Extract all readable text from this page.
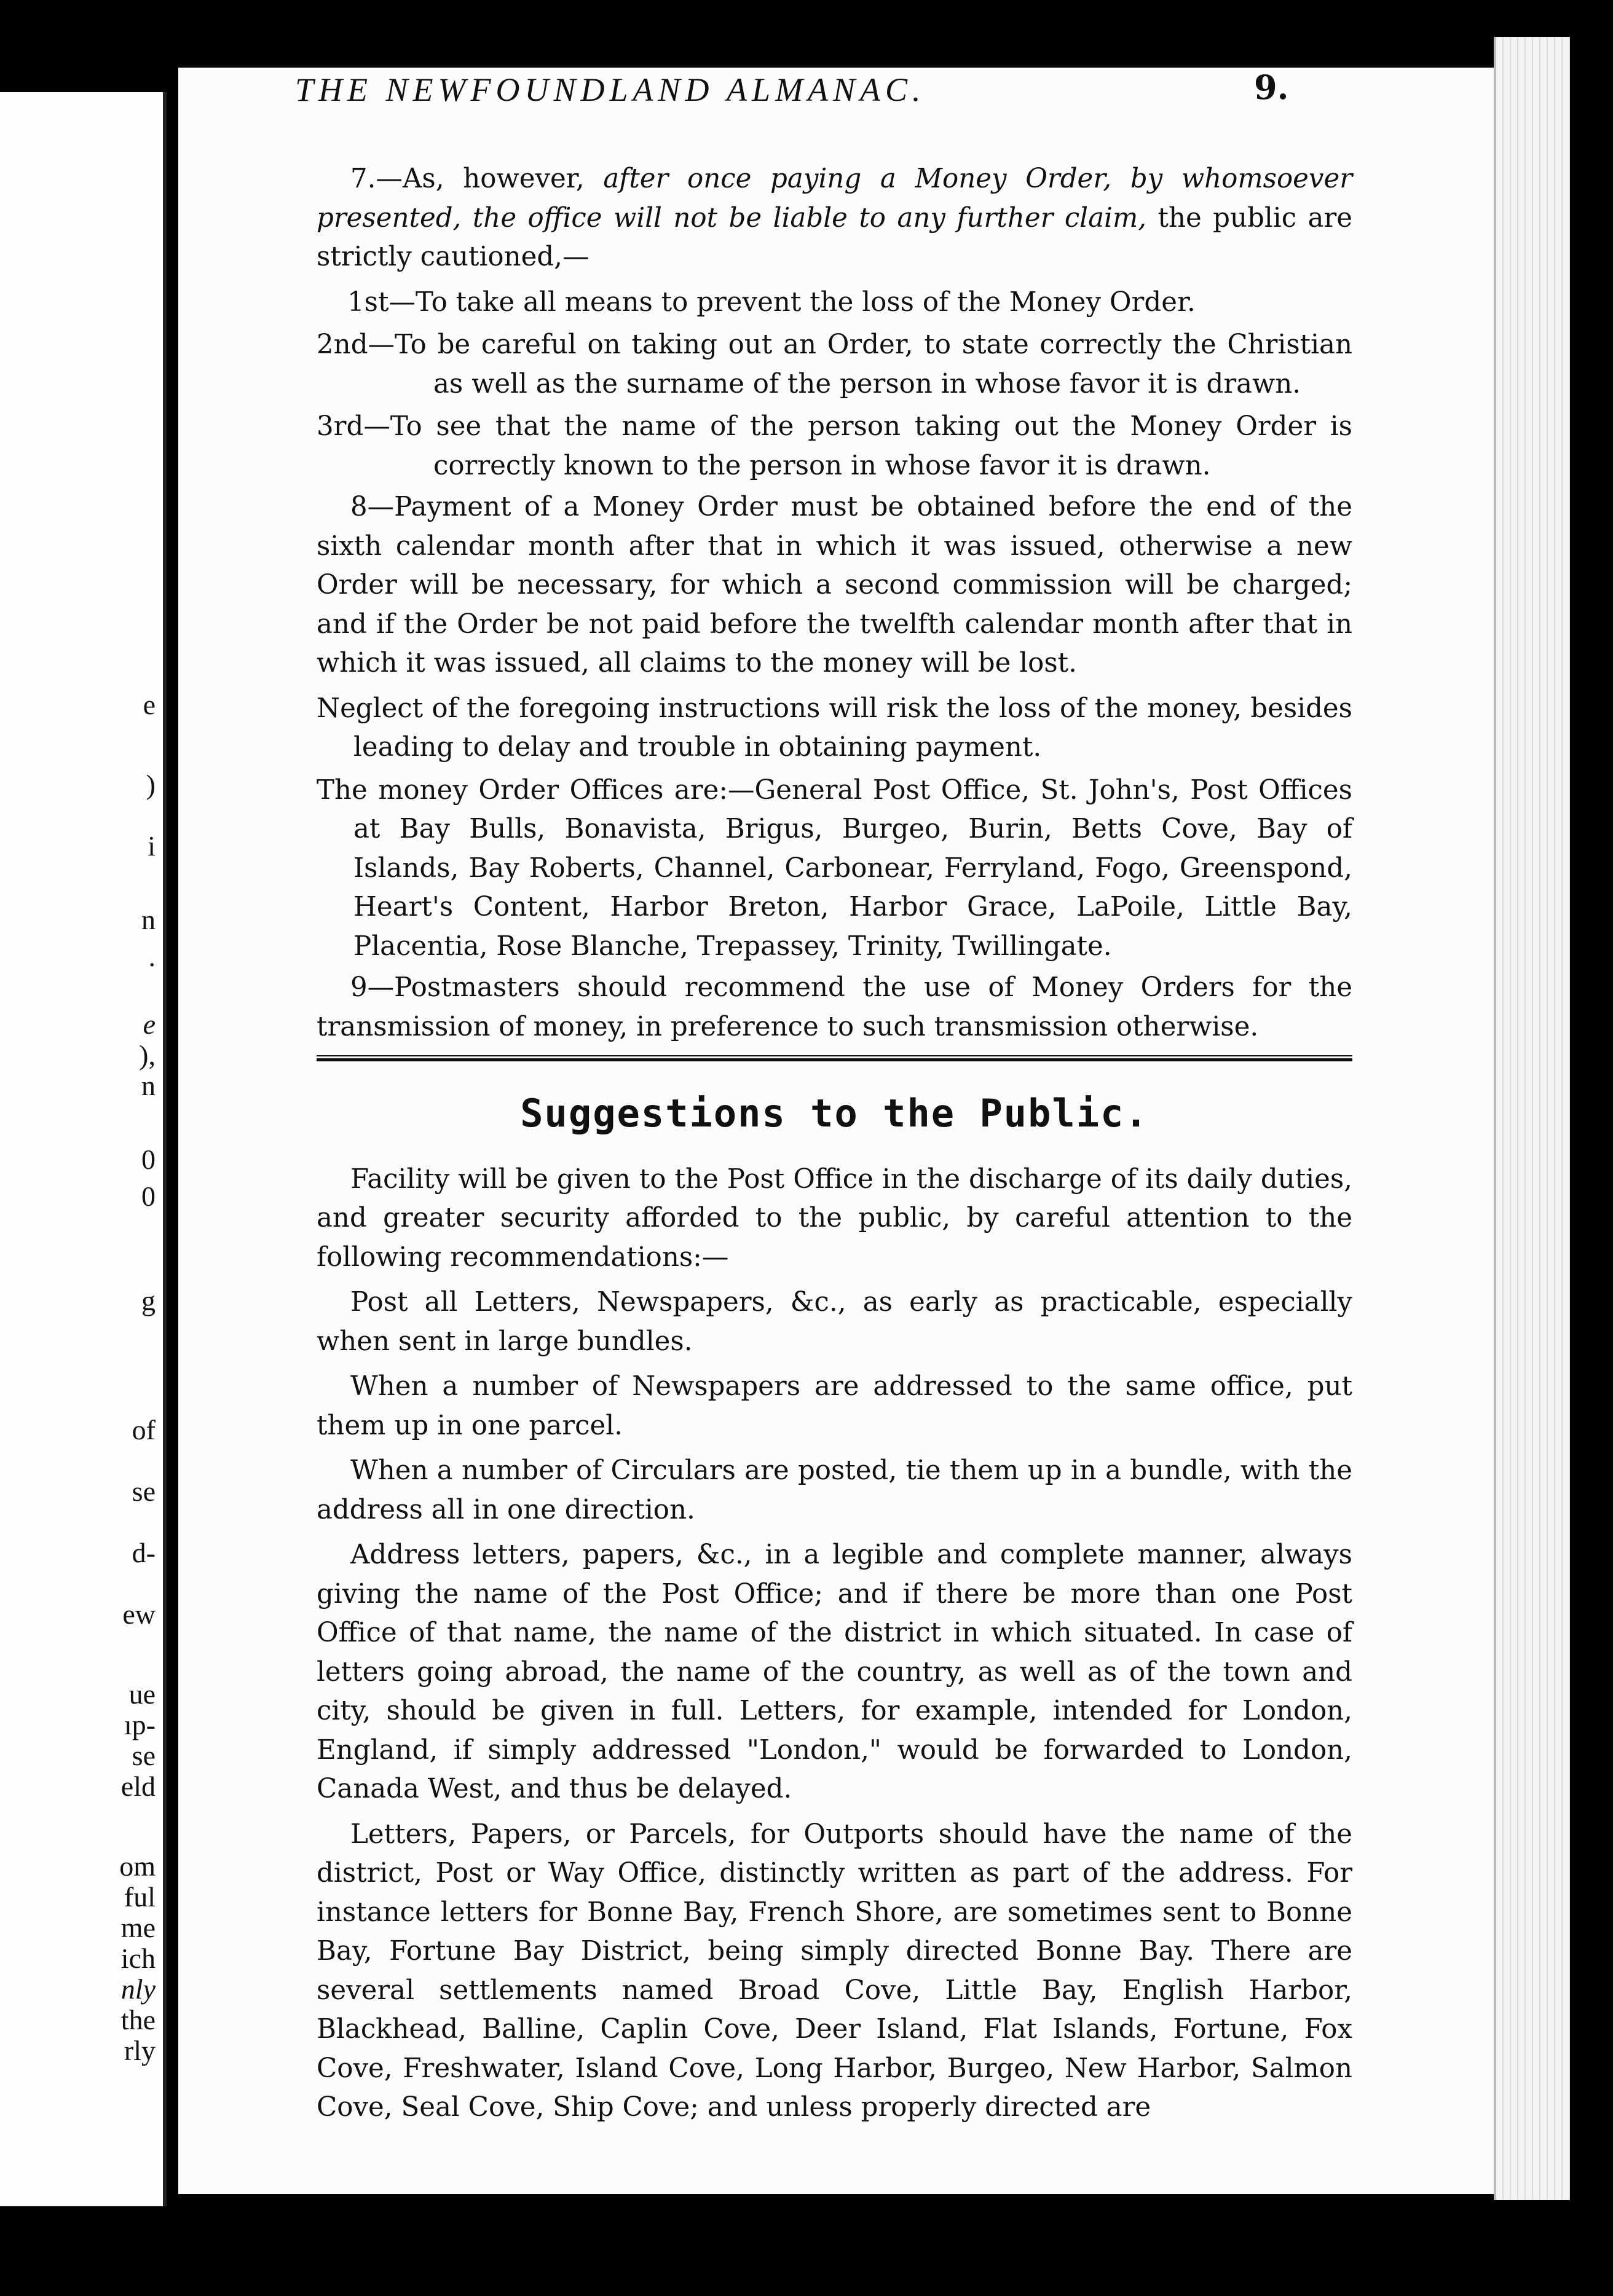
e
)
i
n
.
e
),
n
0
0
g
of
se
d-
ew
ue
ıp-
se
eld
om
ful
me
ich
nly
the
rly
THE NEWFOUNDLAND ALMANAC.	9.

7.—As, however, after once paying a Money Order, by whomsoever presented, the office will not be liable to any further claim, the public are strictly cautioned,—

1st—To take all means to prevent the loss of the Money Order.

2nd—To be careful on taking out an Order, to state correctly the Christian as well as the surname of the person in whose favor it is drawn.

3rd—To see that the name of the person taking out the Money Order is correctly known to the person in whose favor it is drawn.

8—Payment of a Money Order must be obtained before the end of the sixth calendar month after that in which it was issued, otherwise a new Order will be necessary, for which a second commission will be charged; and if the Order be not paid before the twelfth calendar month after that in which it was issued, all claims to the money will be lost.

Neglect of the foregoing instructions will risk the loss of the money, besides leading to delay and trouble in obtaining payment.

The money Order Offices are:—General Post Office, St. John's, Post Offices at Bay Bulls, Bonavista, Brigus, Burgeo, Burin, Betts Cove, Bay of Islands, Bay Roberts, Channel, Carbonear, Ferryland, Fogo, Greenspond, Heart's Content, Harbor Breton, Harbor Grace, LaPoile, Little Bay, Placentia, Rose Blanche, Trepassey, Trinity, Twillingate.

9—Postmasters should recommend the use of Money Orders for the transmission of money, in preference to such transmission otherwise.

Suggestions to the Public.

Facility will be given to the Post Office in the discharge of its daily duties, and greater security afforded to the public, by careful attention to the following recommendations:—

Post all Letters, Newspapers, &c., as early as practicable, especially when sent in large bundles.

When a number of Newspapers are addressed to the same office, put them up in one parcel.

When a number of Circulars are posted, tie them up in a bundle, with the address all in one direction.

Address letters, papers, &c., in a legible and complete manner, always giving the name of the Post Office; and if there be more than one Post Office of that name, the name of the district in which situated. In case of letters going abroad, the name of the country, as well as of the town and city, should be given in full. Letters, for example, intended for London, England, if simply addressed "London," would be forwarded to London, Canada West, and thus be delayed.

Letters, Papers, or Parcels, for Outports should have the name of the district, Post or Way Office, distinctly written as part of the address. For instance letters for Bonne Bay, French Shore, are sometimes sent to Bonne Bay, Fortune Bay District, being simply directed Bonne Bay. There are several settlements named Broad Cove, Little Bay, English Harbor, Blackhead, Balline, Caplin Cove, Deer Island, Flat Islands, Fortune, Fox Cove, Freshwater, Island Cove, Long Harbor, Burgeo, New Harbor, Salmon Cove, Seal Cove, Ship Cove; and unless properly directed are
